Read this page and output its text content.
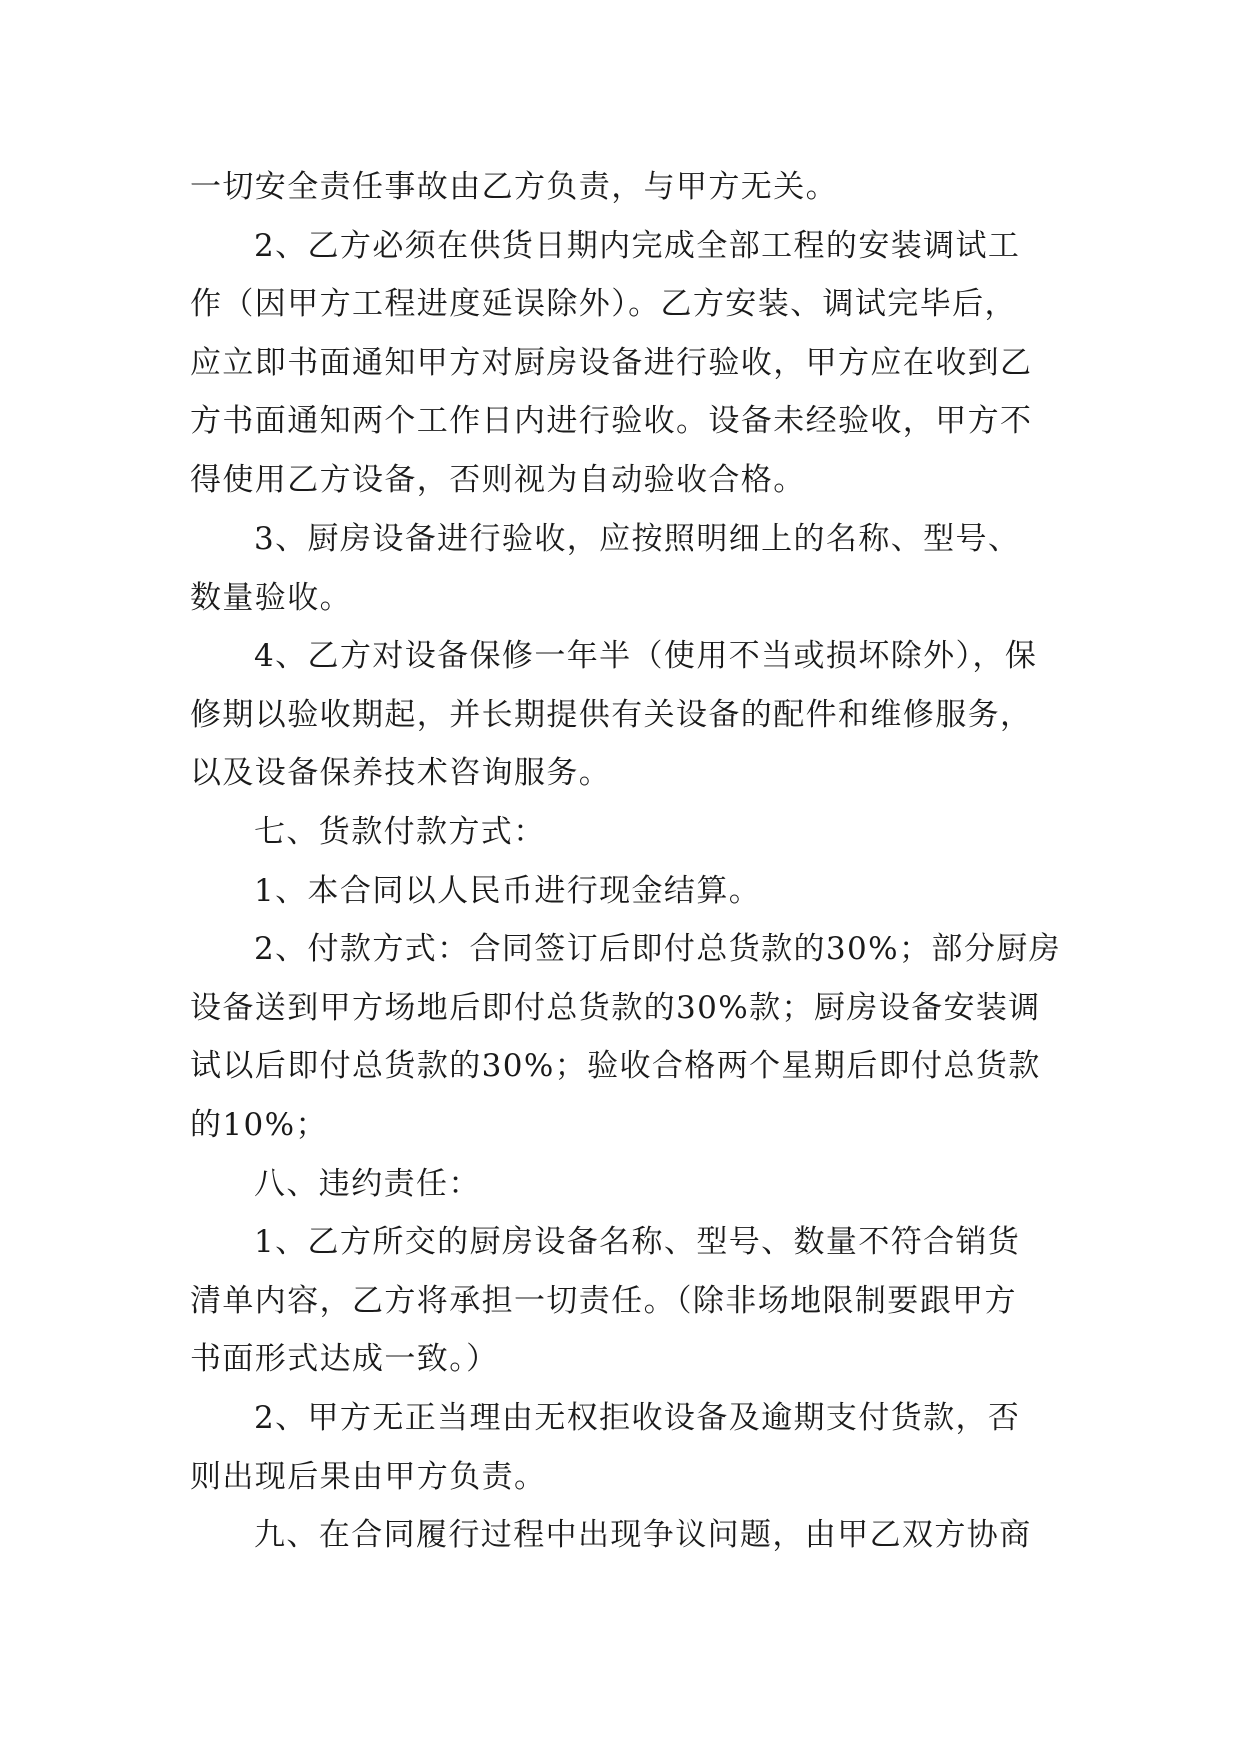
一切安全责任事故由乙方负责，与甲方无关。
2、乙方必须在供货日期内完成全部工程的安装调试工
作（因甲方工程进度延误除外）。乙方安装、调试完毕后，
应立即书面通知甲方对厨房设备进行验收，甲方应在收到乙
方书面通知两个工作日内进行验收。设备未经验收，甲方不
得使用乙方设备，否则视为自动验收合格。
3、厨房设备进行验收，应按照明细上的名称、型号、
数量验收。
4、乙方对设备保修一年半（使用不当或损坏除外），保
修期以验收期起，并长期提供有关设备的配件和维修服务，
以及设备保养技术咨询服务。
七、货款付款方式：
1、本合同以人民币进行现金结算。
2、付款方式：合同签订后即付总货款的30%；部分厨房
设备送到甲方场地后即付总货款的30%款；厨房设备安装调
试以后即付总货款的30%；验收合格两个星期后即付总货款
的10%；
八、违约责任：
1、乙方所交的厨房设备名称、型号、数量不符合销货
清单内容，乙方将承担一切责任。（除非场地限制要跟甲方
书面形式达成一致。）
2、甲方无正当理由无权拒收设备及逾期支付货款，否
则出现后果由甲方负责。
九、在合同履行过程中出现争议问题，由甲乙双方协商
